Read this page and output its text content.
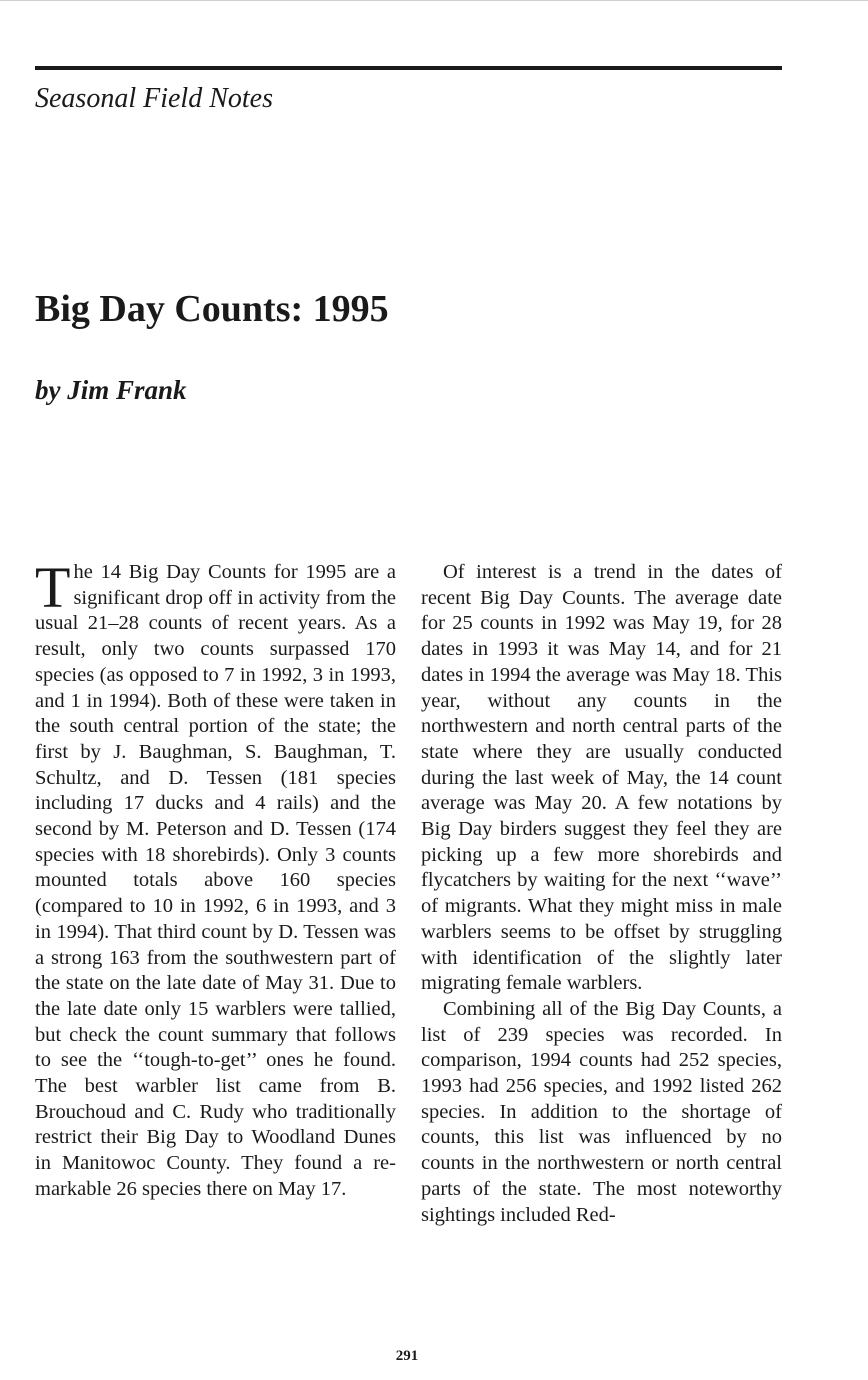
Seasonal Field Notes
Big Day Counts: 1995
by Jim Frank

The 14 Big Day Counts for 1995 are a significant drop off in activity from the usual 21–28 counts of recent years. As a result, only two counts surpassed 170 species (as opposed to 7 in 1992, 3 in 1993, and 1 in 1994). Both of these were taken in the south central portion of the state; the first by J. Baughman, S. Baughman, T. Schultz, and D. Tessen (181 species including 17 ducks and 4 rails) and the second by M. Peterson and D. Tessen (174 species with 18 shorebirds). Only 3 counts mounted totals above 160 species (compared to 10 in 1992, 6 in 1993, and 3 in 1994). That third count by D. Tessen was a strong 163 from the southwestern part of the state on the late date of May 31. Due to the late date only 15 warblers were tallied, but check the count summary that follows to see the ‘‘tough-to-get’’ ones he found. The best warbler list came from B. Brouchoud and C. Rudy who traditionally restrict their Big Day to Woodland Dunes in Manitowoc County. They found a remarkable 26 species there on May 17.

Of interest is a trend in the dates of recent Big Day Counts. The average date for 25 counts in 1992 was May 19, for 28 dates in 1993 it was May 14, and for 21 dates in 1994 the average was May 18. This year, without any counts in the northwestern and north central parts of the state where they are usually conducted during the last week of May, the 14 count average was May 20. A few notations by Big Day birders suggest they feel they are picking up a few more shorebirds and flycatchers by waiting for the next ‘‘wave’’ of migrants. What they might miss in male warblers seems to be offset by struggling with identification of the slightly later migrating female warblers.

Combining all of the Big Day Counts, a list of 239 species was recorded. In comparison, 1994 counts had 252 species, 1993 had 256 species, and 1992 listed 262 species. In addition to the shortage of counts, this list was influenced by no counts in the northwestern or north central parts of the state. The most noteworthy sightings included Red-

291
